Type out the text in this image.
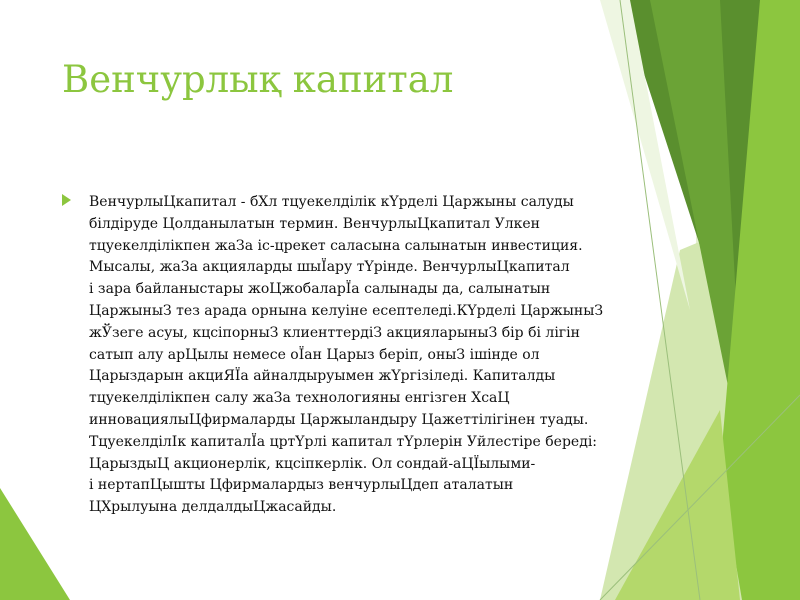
Венчурлық капитал
ВенчурлыЦкапитал - бХл тцуекелділік кҮрделі Царжыны салуды
білдіруде Цолданылатын термин. ВенчурлыЦкапитал Улкен
тцуекелділікпен жаЗа іс-црекет саласына салынатын инвестиция.
Мысалы, жаЗа акцияларды шыЇару тҮрінде. ВенчурлыЦкапитал
і зара байланыстары жоЦжобаларЇа салынады да, салынатын
ЦаржыныЗ тез арада орнына келуіне есептеледі.КҮрделі ЦаржыныЗ
жЎзеге асуы, кцсіпорныЗ клиенттердіЗ акцияларыныЗ бір бі лігін
сатып алу арЦылы немесе оЇан Царыз беріп, оныЗ ішінде ол
Царыздарын акциЯЇа айналдыруымен жҮргізіледі. Капиталды
тцуекелділікпен салу жаЗа технологияны енгізген ХсаЦ
инновациялыЦфирмаларды Царжыландыру Цажеттілігінен туады.
ТцуекелділІк капиталЇа цртҮрлі капитал тҮрлерін Уйлестіре береді:
ЦарыздыЦ акционерлік, кцсіпкерлік. Ол сондай-аЦЇылыми-
і нертапЦышты Цфирмалардыз венчурлыЦдеп аталатын
ЦХрылуына делдалдыЦжасайды.
